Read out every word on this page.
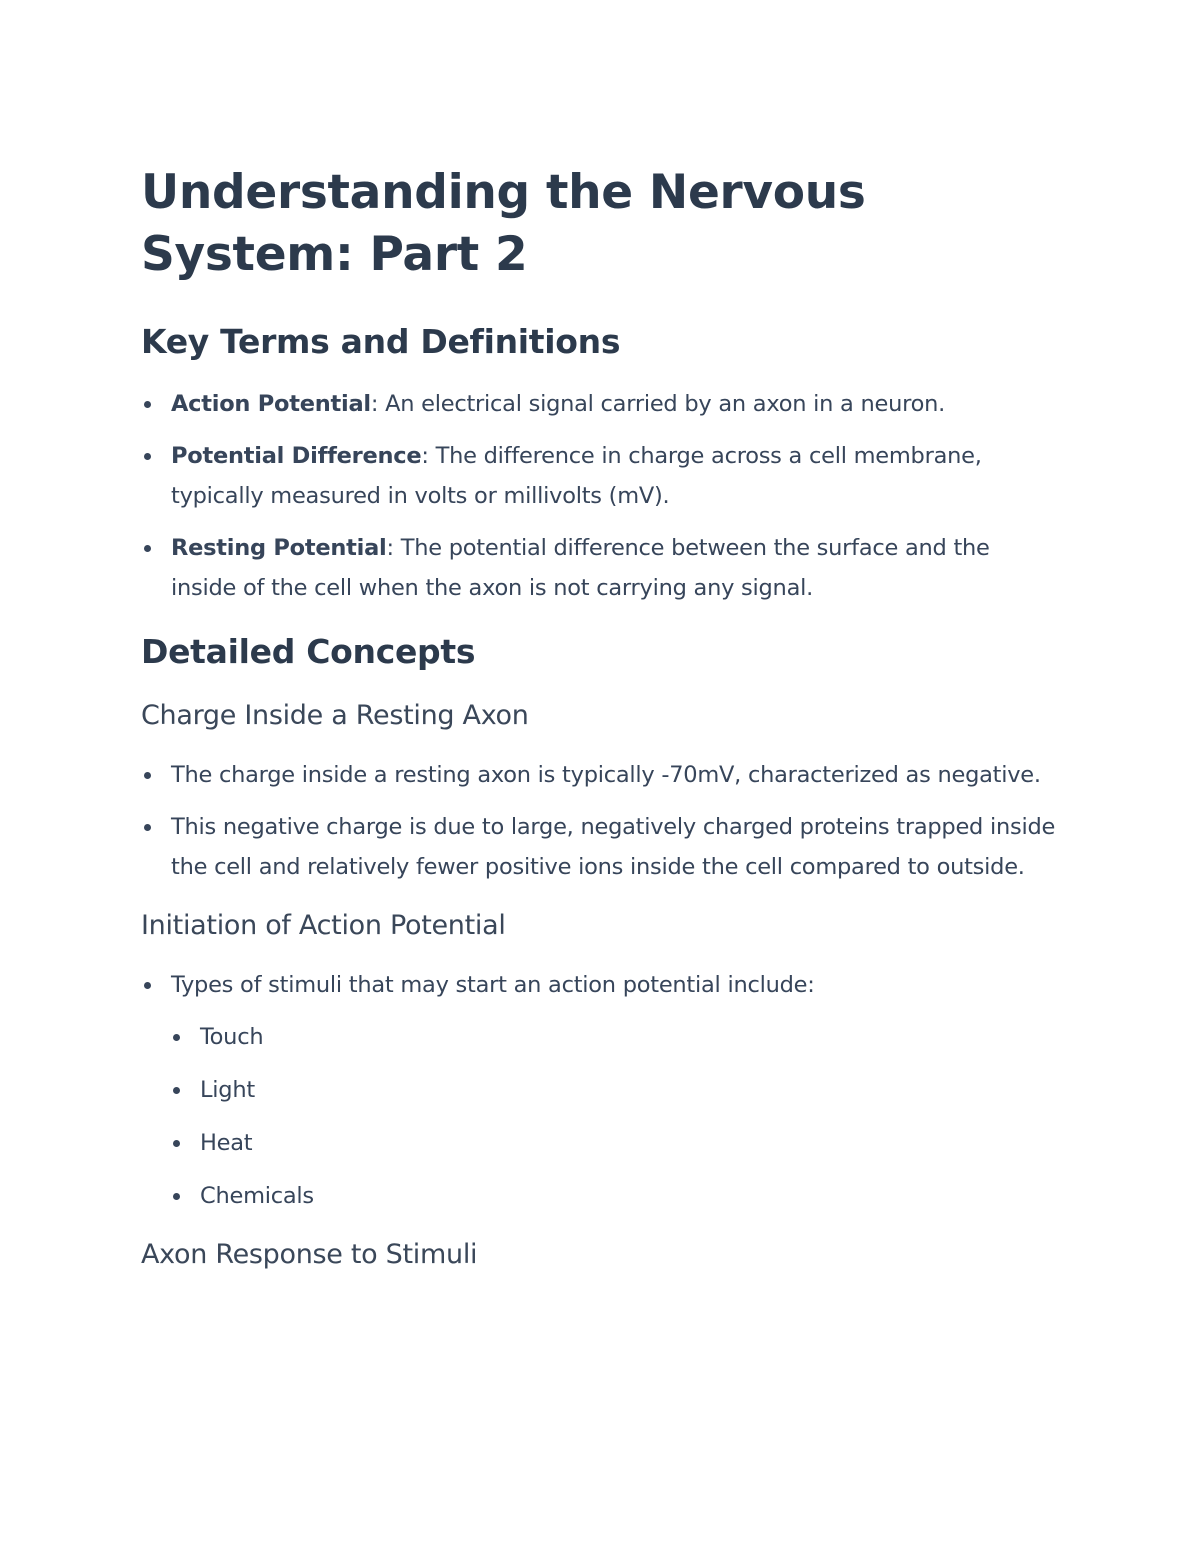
Understanding the Nervous System: Part 2
Key Terms and Definitions
Action Potential: An electrical signal carried by an axon in a neuron.
Potential Difference: The difference in charge across a cell membrane, typically measured in volts or millivolts (mV).
Resting Potential: The potential difference between the surface and the inside of the cell when the axon is not carrying any signal.
Detailed Concepts
Charge Inside a Resting Axon
The charge inside a resting axon is typically -70mV, characterized as negative.
This negative charge is due to large, negatively charged proteins trapped inside the cell and relatively fewer positive ions inside the cell compared to outside.
Initiation of Action Potential
Types of stimuli that may start an action potential include:
Touch
Light
Heat
Chemicals
Axon Response to Stimuli
